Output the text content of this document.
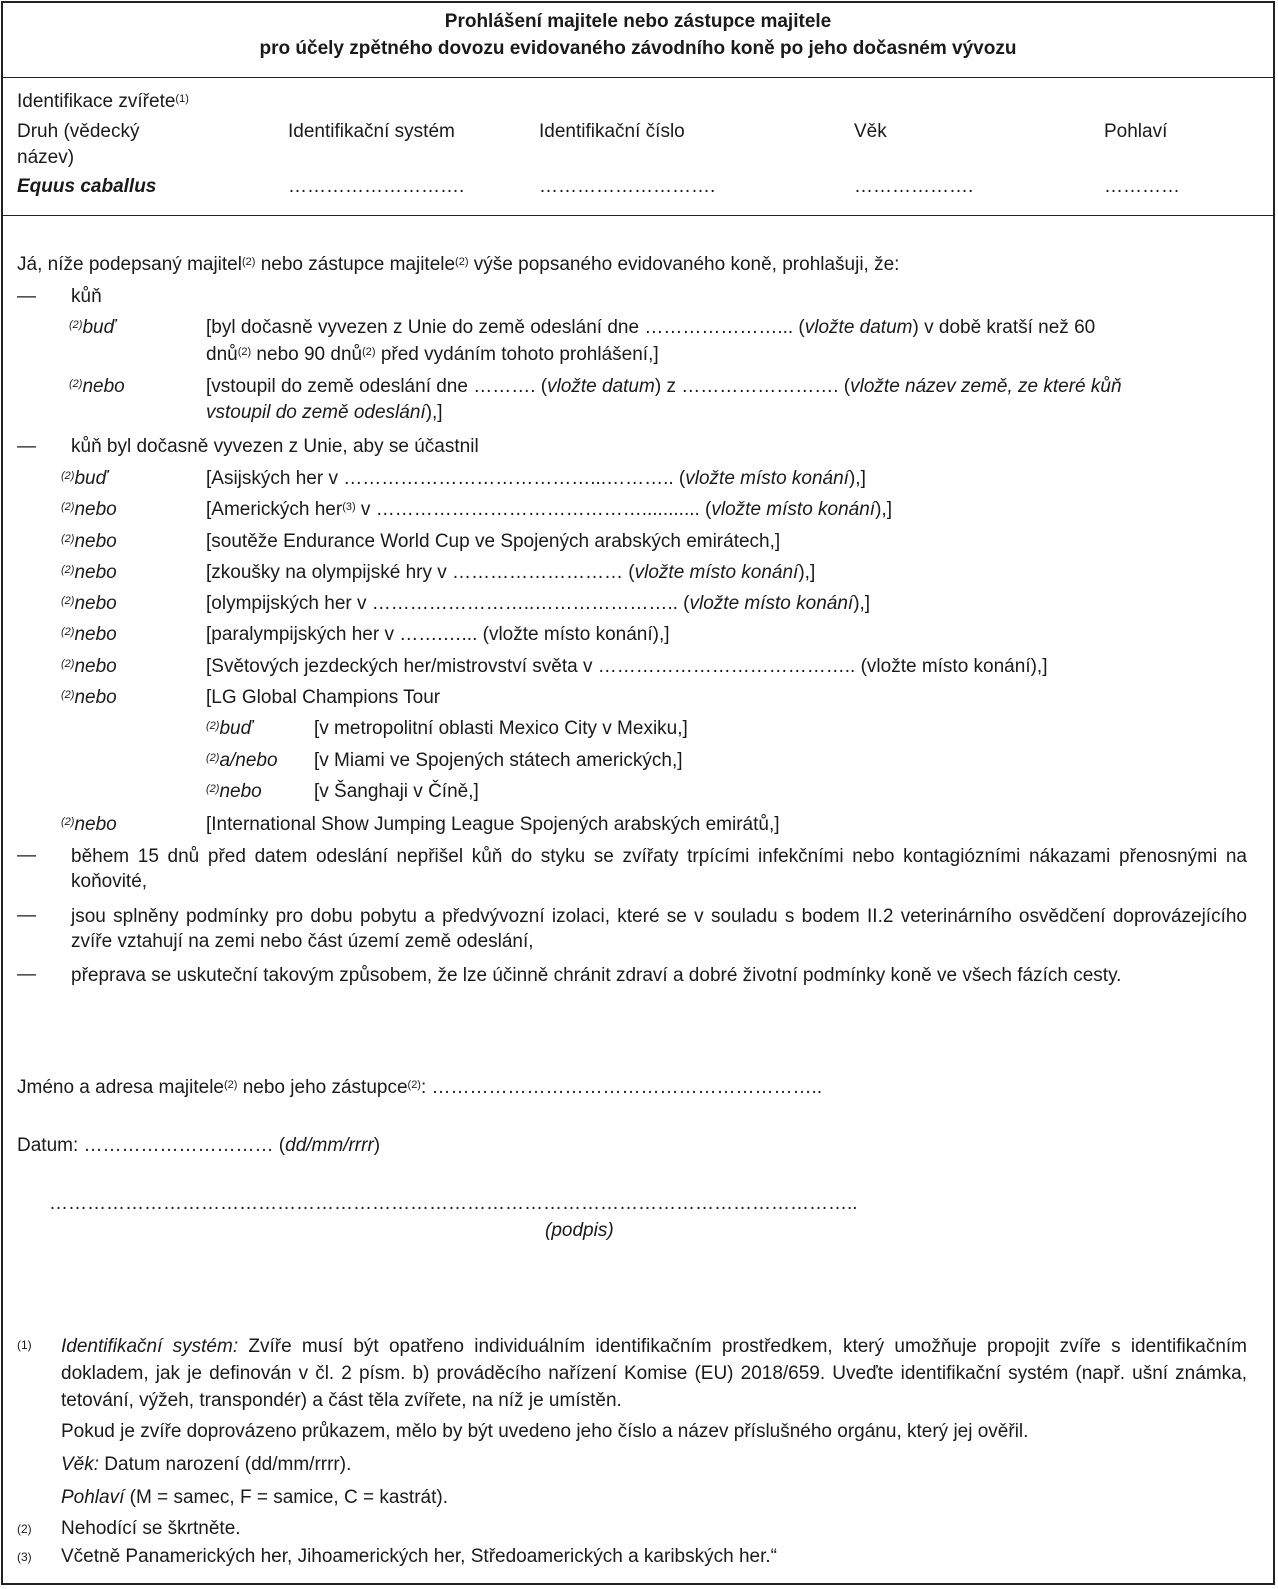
Prohlášení majitele nebo zástupce majitele
pro účely zpětného dovozu evidovaného závodního koně po jeho dočasném vývozu
Identifikace zvířete$^{(1)}$
Druh (vědecký
název)
Identifikační systém	Identifikační číslo	Věk	Pohlaví
Equus caballus	……………………….	……………………….	……………….	…………
Já, níže podepsaný majitel$^{(2)}$ nebo zástupce majitele$^{(2)}$ výše popsaného evidovaného koně, prohlašuji, že:
— kůň
$^{(2)}$buď	[byl dočasně vyvezen z Unie do země odeslání dne …………………... (vložte datum) v době kratší než 60
dnů$^{(2)}$ nebo 90 dnů$^{(2)}$ před vydáním tohoto prohlášení,]
$^{(2)}$nebo	[vstoupil do země odeslání dne ………. (vložte datum) z ……………………. (vložte název země, ze které kůň
vstoupil do země odeslání),]
— kůň byl dočasně vyvezen z Unie, aby se účastnil
$^{(2)}$buď	[Asijských her v …………………………………...……….. (vložte místo konání),]
$^{(2)}$nebo	[Amerických her$^{(3)}$ v ……………………………………........... (vložte místo konání),]
$^{(2)}$nebo	[soutěže Endurance World Cup ve Spojených arabských emirátech,]
$^{(2)}$nebo	[zkoušky na olympijské hry v ……………………… (vložte místo konání),]
$^{(2)}$nebo	[olympijských her v ……………………..………………….. (vložte místo konání),]
$^{(2)}$nebo	[paralympijských her v …….…... (vložte místo konání),]
$^{(2)}$nebo	[Světových jezdeckých her/mistrovství světa v ………………………………….. (vložte místo konání),]
$^{(2)}$nebo	[LG Global Champions Tour
$^{(2)}$buď	[v metropolitní oblasti Mexico City v Mexiku,]
$^{(2)}$a/nebo [v Miami ve Spojených státech amerických,]
$^{(2)}$nebo	[v Šanghaji v Číně,]
$^{(2)}$nebo	[International Show Jumping League Spojených arabských emirátů,]
— během 15 dnů před datem odeslání nepřišel kůň do styku se zvířaty trpícími infekčními nebo kontagiózními nákazami přenosnými na koňovité,
— jsou splněny podmínky pro dobu pobytu a předvývozní izolaci, které se v souladu s bodem II.2 veterinárního osvědčení doprovázejícího zvíře vztahují na zemi nebo část území země odeslání,
— přeprava se uskuteční takovým způsobem, že lze účinně chránit zdraví a dobré životní podmínky koně ve všech fázích cesty.
Jméno a adresa majitele$^{(2)}$ nebo jeho zástupce$^{(2)}$: ……………………………………………………..
Datum: ………………………… (dd/mm/rrrr)
………………………………………………………………………………………………………………..
(podpis)
(1) Identifikační systém: Zvíře musí být opatřeno individuálním identifikačním prostředkem, který umožňuje propojit zvíře s identifikačním dokladem, jak je definován v čl. 2 písm. b) prováděcího nařízení Komise (EU) 2018/659. Uveďte identifikační systém (např. ušní známka, tetování, výžeh, transpondér) a část těla zvířete, na níž je umístěn.
Pokud je zvíře doprovázeno průkazem, mělo by být uvedeno jeho číslo a název příslušného orgánu, který jej ověřil.
Věk: Datum narození (dd/mm/rrrr).
Pohlaví (M = samec, F = samice, C = kastrát).
(2) Nehodící se škrtněte.
(3) Včetně Panamerických her, Jihoamerických her, Středoamerických a karibských her.“
